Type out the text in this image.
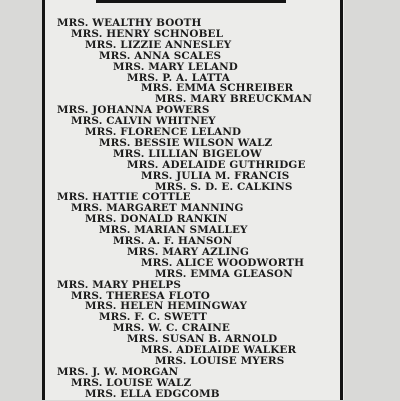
MRS. WEALTHY BOOTH
MRS. HENRY SCHNOBEL
MRS. LIZZIE ANNESLEY
MRS. ANNA SCALES
MRS. MARY LELAND
MRS. P. A. LATTA
MRS. EMMA SCHREIBER
MRS. MARY BREUCKMAN
MRS. JOHANNA POWERS
MRS. CALVIN WHITNEY
MRS. FLORENCE LELAND
MRS. BESSIE WILSON WALZ
MRS. LILLIAN BIGELOW
MRS. ADELAIDE GUTHRIDGE
MRS. JULIA M. FRANCIS
MRS. S. D. E. CALKINS
MRS. HATTIE COTTLE
MRS. MARGARET MANNING
MRS. DONALD RANKIN
MRS. MARIAN SMALLEY
MRS. A. F. HANSON
MRS. MARY AZLING
MRS. ALICE WOODWORTH
MRS. EMMA GLEASON
MRS. MARY PHELPS
MRS. THERESA FLOTO
MRS. HELEN HEMINGWAY
MRS. F. C. SWETT
MRS. W. C. CRAINE
MRS. SUSAN B. ARNOLD
MRS. ADELAIDE WALKER
MRS. LOUISE MYERS
MRS. J. W. MORGAN
MRS. LOUISE WALZ
MRS. ELLA EDGCOMB
